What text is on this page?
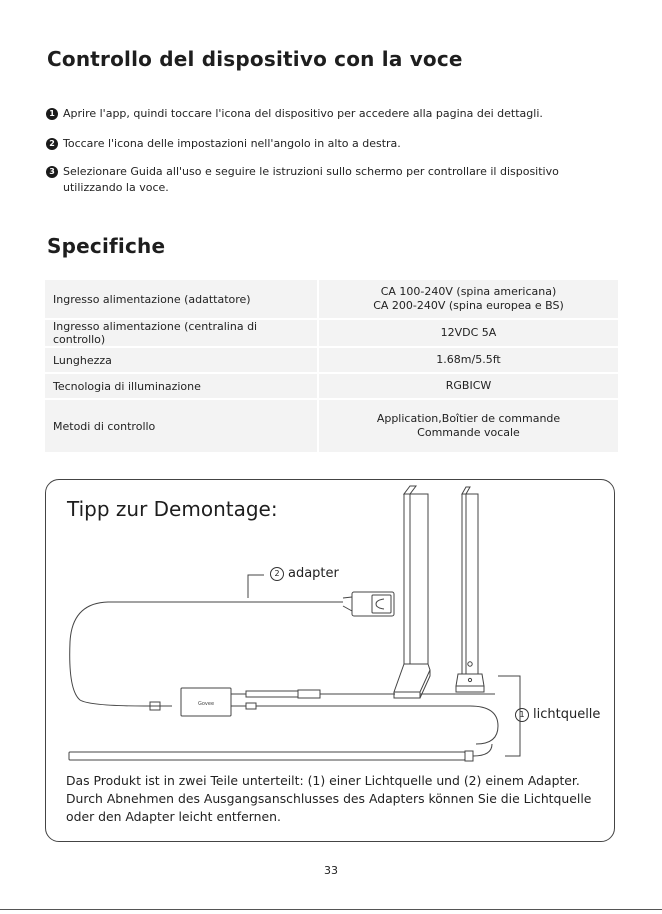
Controllo del dispositivo con la voce
1 Aprire l'app, quindi toccare l'icona del dispositivo per accedere alla pagina dei dettagli.
2 Toccare l'icona delle impostazioni nell'angolo in alto a destra.
3 Selezionare Guida all'uso e seguire le istruzioni sullo schermo per controllare il dispositivo utilizzando la voce.
Specifiche
Ingresso alimentazione (adattatore)	CA 100-240V (spina americana)
CA 200-240V (spina europea e BS)

Ingresso alimentazione (centralina di controllo)	12VDC 5A

Lunghezza	1.68m/5.5ft

Tecnologia di illuminazione	RGBICW

Metodi di controllo	Application,Boîtier de commande
Commande vocale
Tipp zur Demontage:
Govee
2 adapter
1 lichtquelle

Das Produkt ist in zwei Teile unterteilt: (1) einer Lichtquelle und (2) einem Adapter. Durch Abnehmen des Ausgangsanschlusses des Adapters können Sie die Lichtquelle oder den Adapter leicht entfernen.

33
